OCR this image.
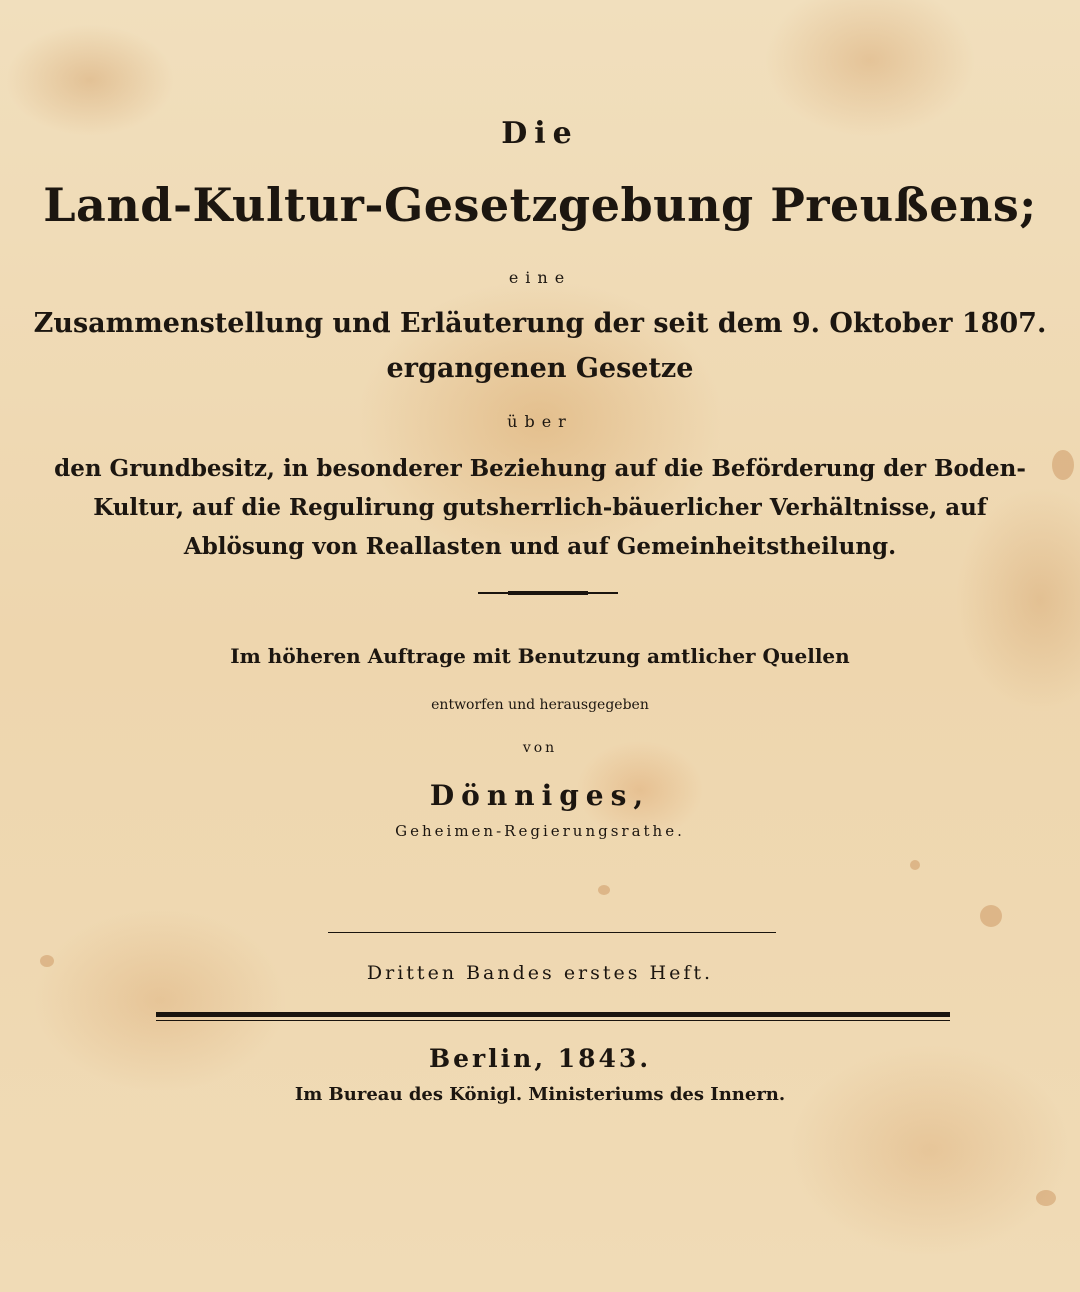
Die
Land-Kultur-Gesetzgebung Preußens;
eine
Zusammenstellung und Erläuterung der seit dem 9. Oktober 1807.
ergangenen Gesetze
über
den Grundbesitz, in besonderer Beziehung auf die Beförderung der Boden-
Kultur, auf die Regulirung gutsherrlich-bäuerlicher Verhältnisse, auf
Ablösung von Reallasten und auf Gemeinheitstheilung.
Im höheren Auftrage mit Benutzung amtlicher Quellen
entworfen und herausgegeben
von
Dönniges,
Geheimen-Regierungsrathe.
Dritten Bandes erstes Heft.
Berlin, 1843.
Im Bureau des Königl. Ministeriums des Innern.
